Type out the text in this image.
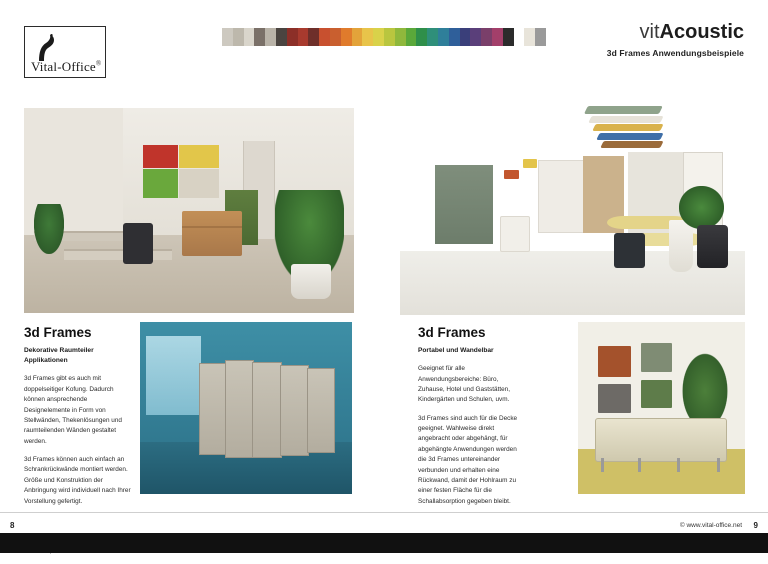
Vital-Office®
vitAcoustic
3d Frames Anwendungsbeispiele
3d Frames

Dekorative Raumteiler Applikationen

3d Frames gibt es auch mit doppelseitiger Kofung. Dadurch können ansprechende Designelemente in Form von Stellwänden, Thekenlösungen und raumteilenden Wänden gestaltet werden.

3d Frames können auch einfach an Schrankrückwände montiert werden. Größe und Konstruktion der Anbringung wird individuell nach Ihrer Vorstellung gefertigt.

3d Frames

Portabel und Wandelbar

Geeignet für alle Anwendungsbereiche: Büro, Zuhause, Hotel und Gaststätten, Kindergärten und Schulen, uvm.

3d Frames sind auch für die Decke geeignet. Wahlweise direkt angebracht oder abgehängt, für abgehängte Anwendungen werden die 3d Frames untereinander verbunden und erhalten eine Rückwand, damit der Hohlraum zu einer festen Fläche für die Schallabsorption gegeben bleibt.

8	9
© www.vital-office.net
